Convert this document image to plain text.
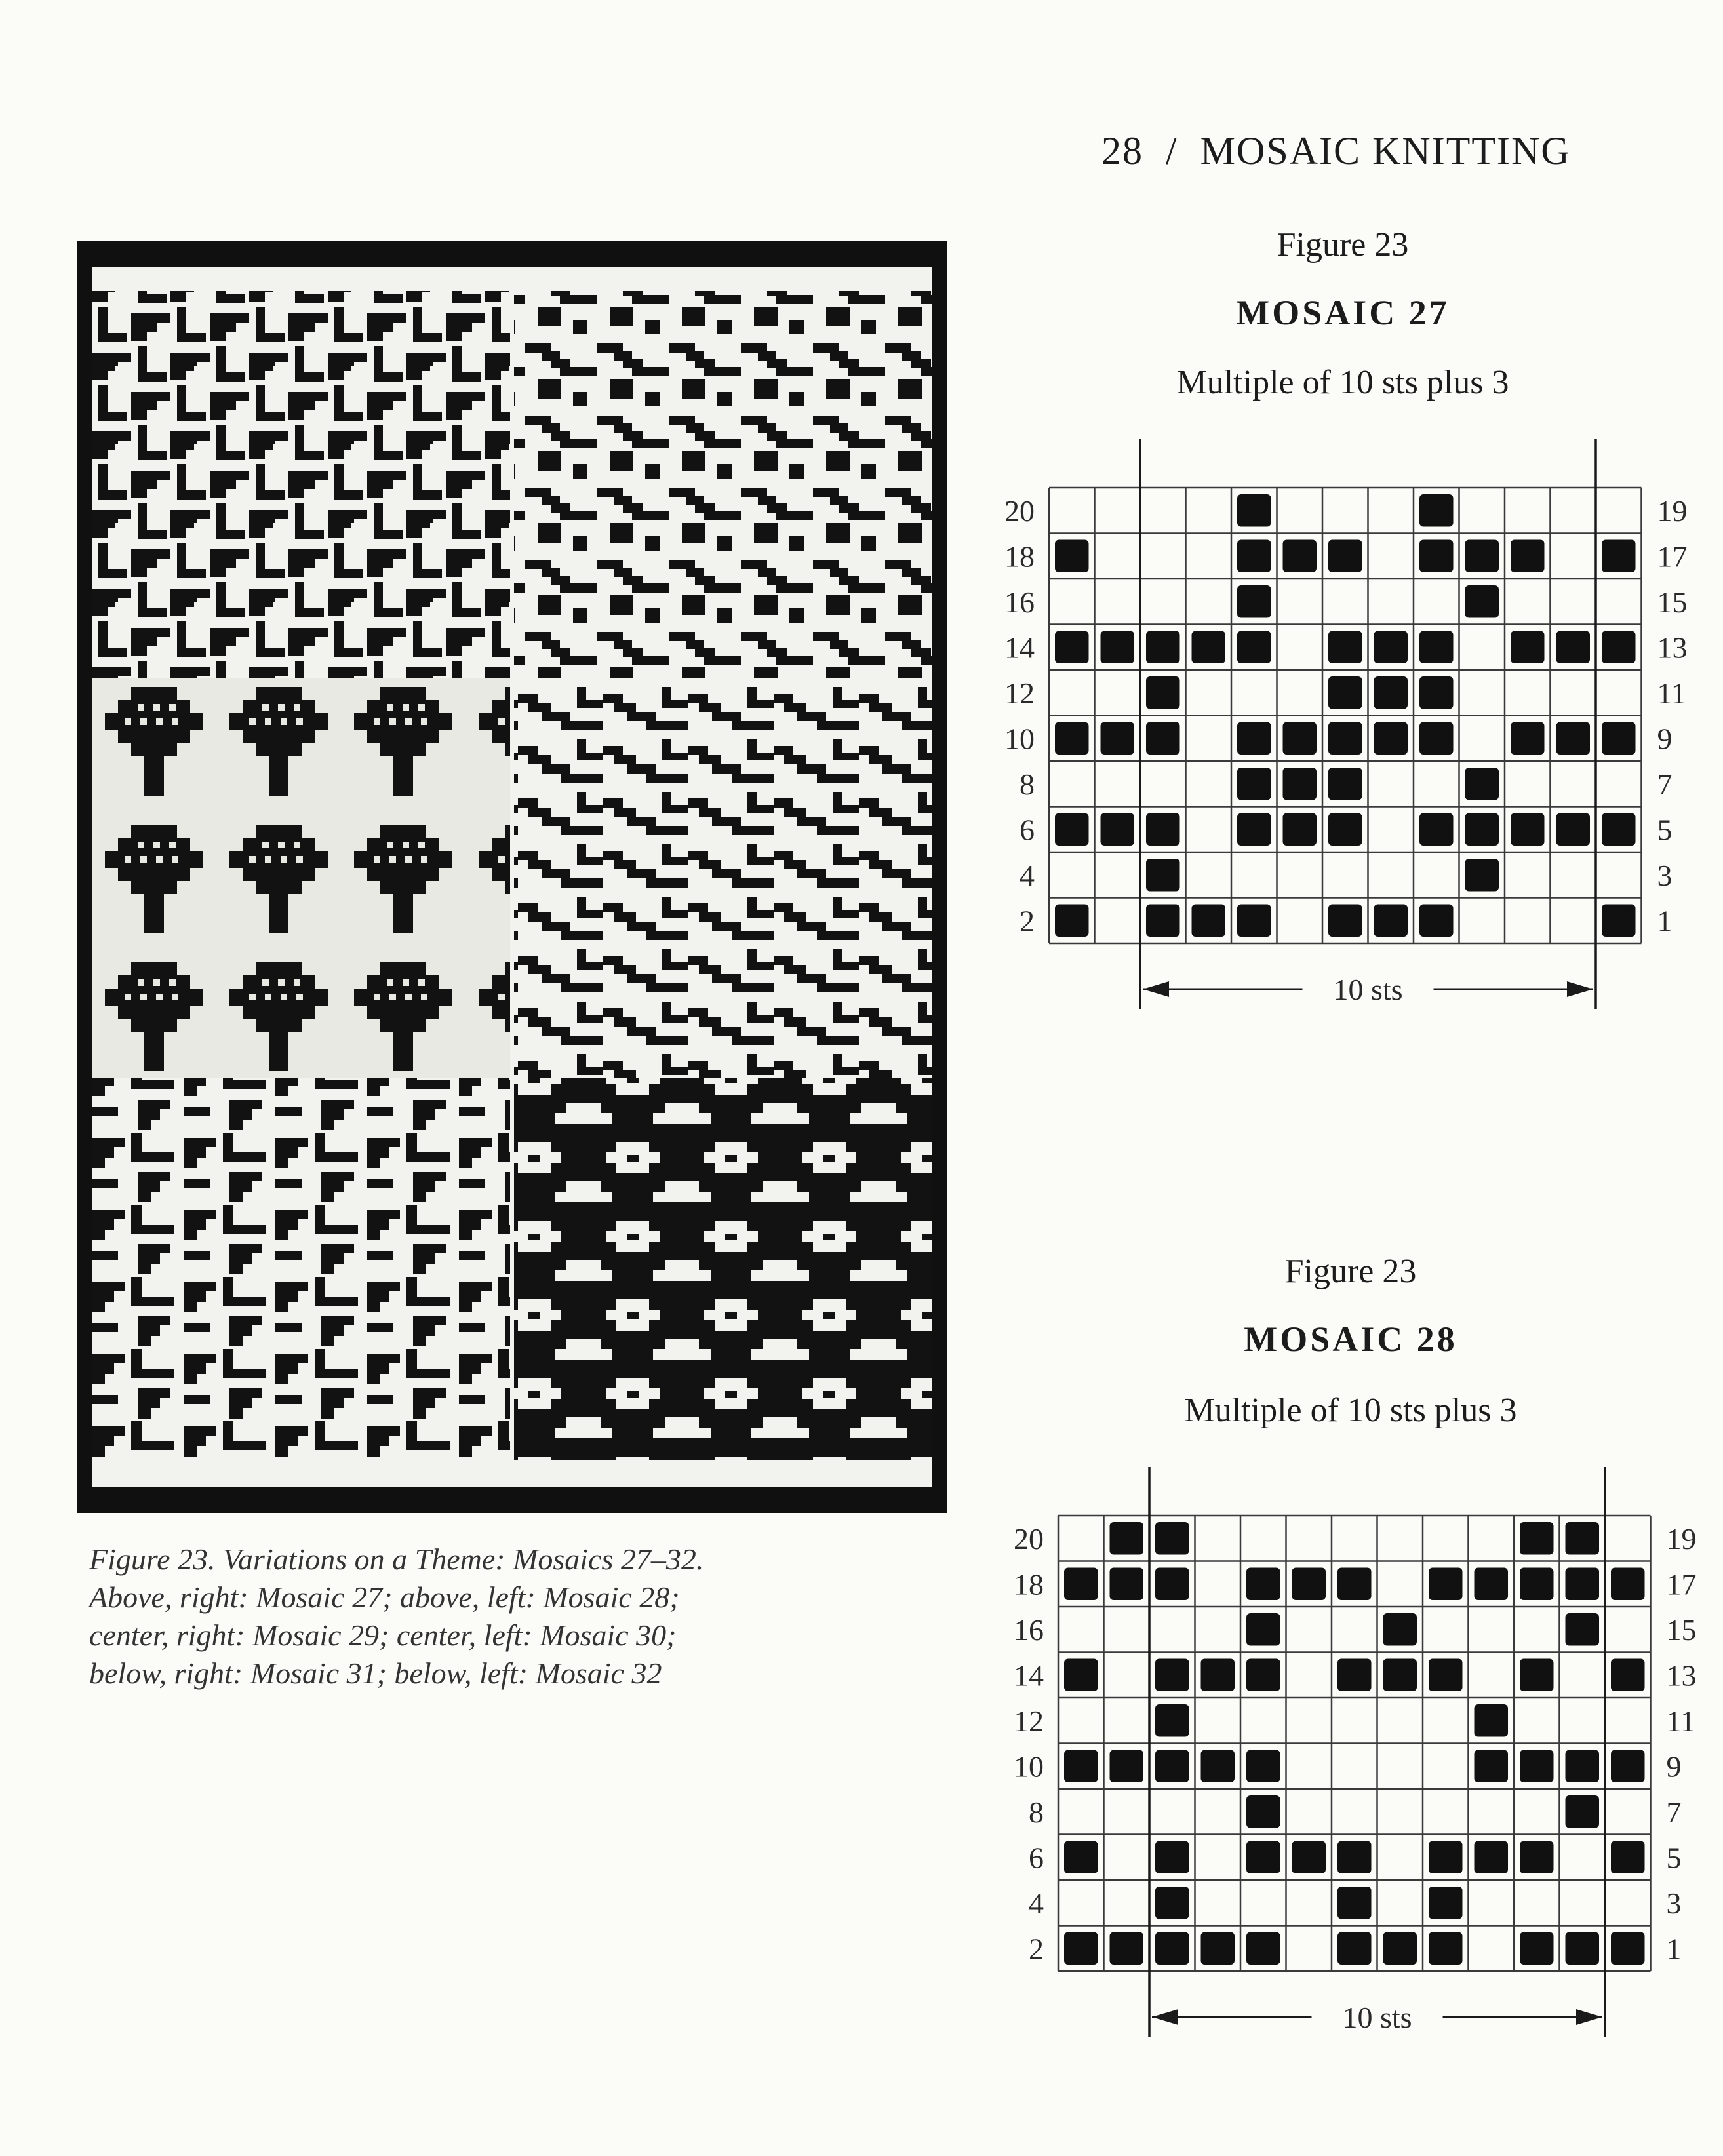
28 / MOSAIC KNITTING
Figure 23. Variations on a Theme: Mosaics 27–32. Above, right: Mosaic 27; above, left: Mosaic 28; center, right: Mosaic 29; center, left: Mosaic 30; below, right: Mosaic 31; below, left: Mosaic 32
Figure 23
MOSAIC 27
Multiple of 10 sts plus 3
Figure 23
MOSAIC 28
Multiple of 10 sts plus 3
10 sts
20
18
16
14
12
10
8
6
4
2
19
17
15
13
11
9
7
5
3
1
10 sts
20
18
16
14
12
10
8
6
4
2
19
17
15
13
11
9
7
5
3
1
